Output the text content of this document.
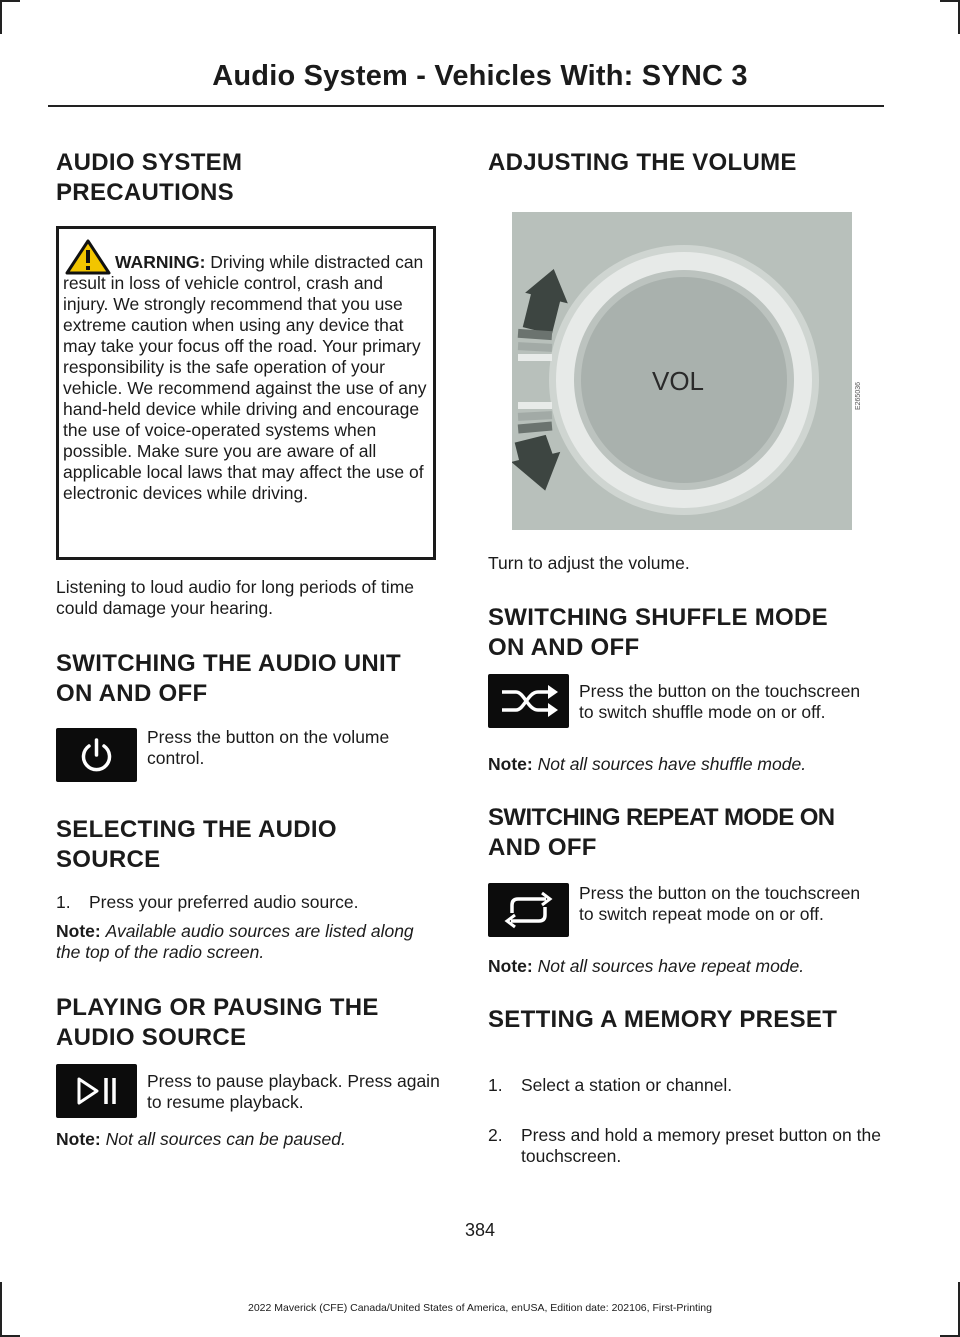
Audio System - Vehicles With: SYNC 3
AUDIO SYSTEM
PRECAUTIONS
WARNING: Driving while distracted can result in loss of vehicle control, crash and injury. We strongly recommend that you use extreme caution when using any device that may take your focus off the road. Your primary responsibility is the safe operation of your vehicle. We recommend against the use of any hand-held device while driving and encourage the use of voice-operated systems when possible. Make sure you are aware of all applicable local laws that may affect the use of electronic devices while driving.
Listening to loud audio for long periods of time could damage your hearing.
SWITCHING THE AUDIO UNIT
ON AND OFF
Press the button on the volume control.
SELECTING THE AUDIO
SOURCE
1. Press your preferred audio source.
Note: Available audio sources are listed along the top of the radio screen.
PLAYING OR PAUSING THE
AUDIO SOURCE
Press to pause playback. Press again to resume playback.
Note: Not all sources can be paused.
ADJUSTING THE VOLUME
VOL
E265036
Turn to adjust the volume.
SWITCHING SHUFFLE MODE
ON AND OFF
Press the button on the touchscreen to switch shuffle mode on or off.
Note: Not all sources have shuffle mode.
SWITCHING REPEAT MODE ON
AND OFF
Press the button on the touchscreen to switch repeat mode on or off.
Note: Not all sources have repeat mode.
SETTING A MEMORY PRESET
1. Select a station or channel.
2. Press and hold a memory preset button on the touchscreen.
384
2022 Maverick (CFE) Canada/United States of America, enUSA, Edition date: 202106, First-Printing
